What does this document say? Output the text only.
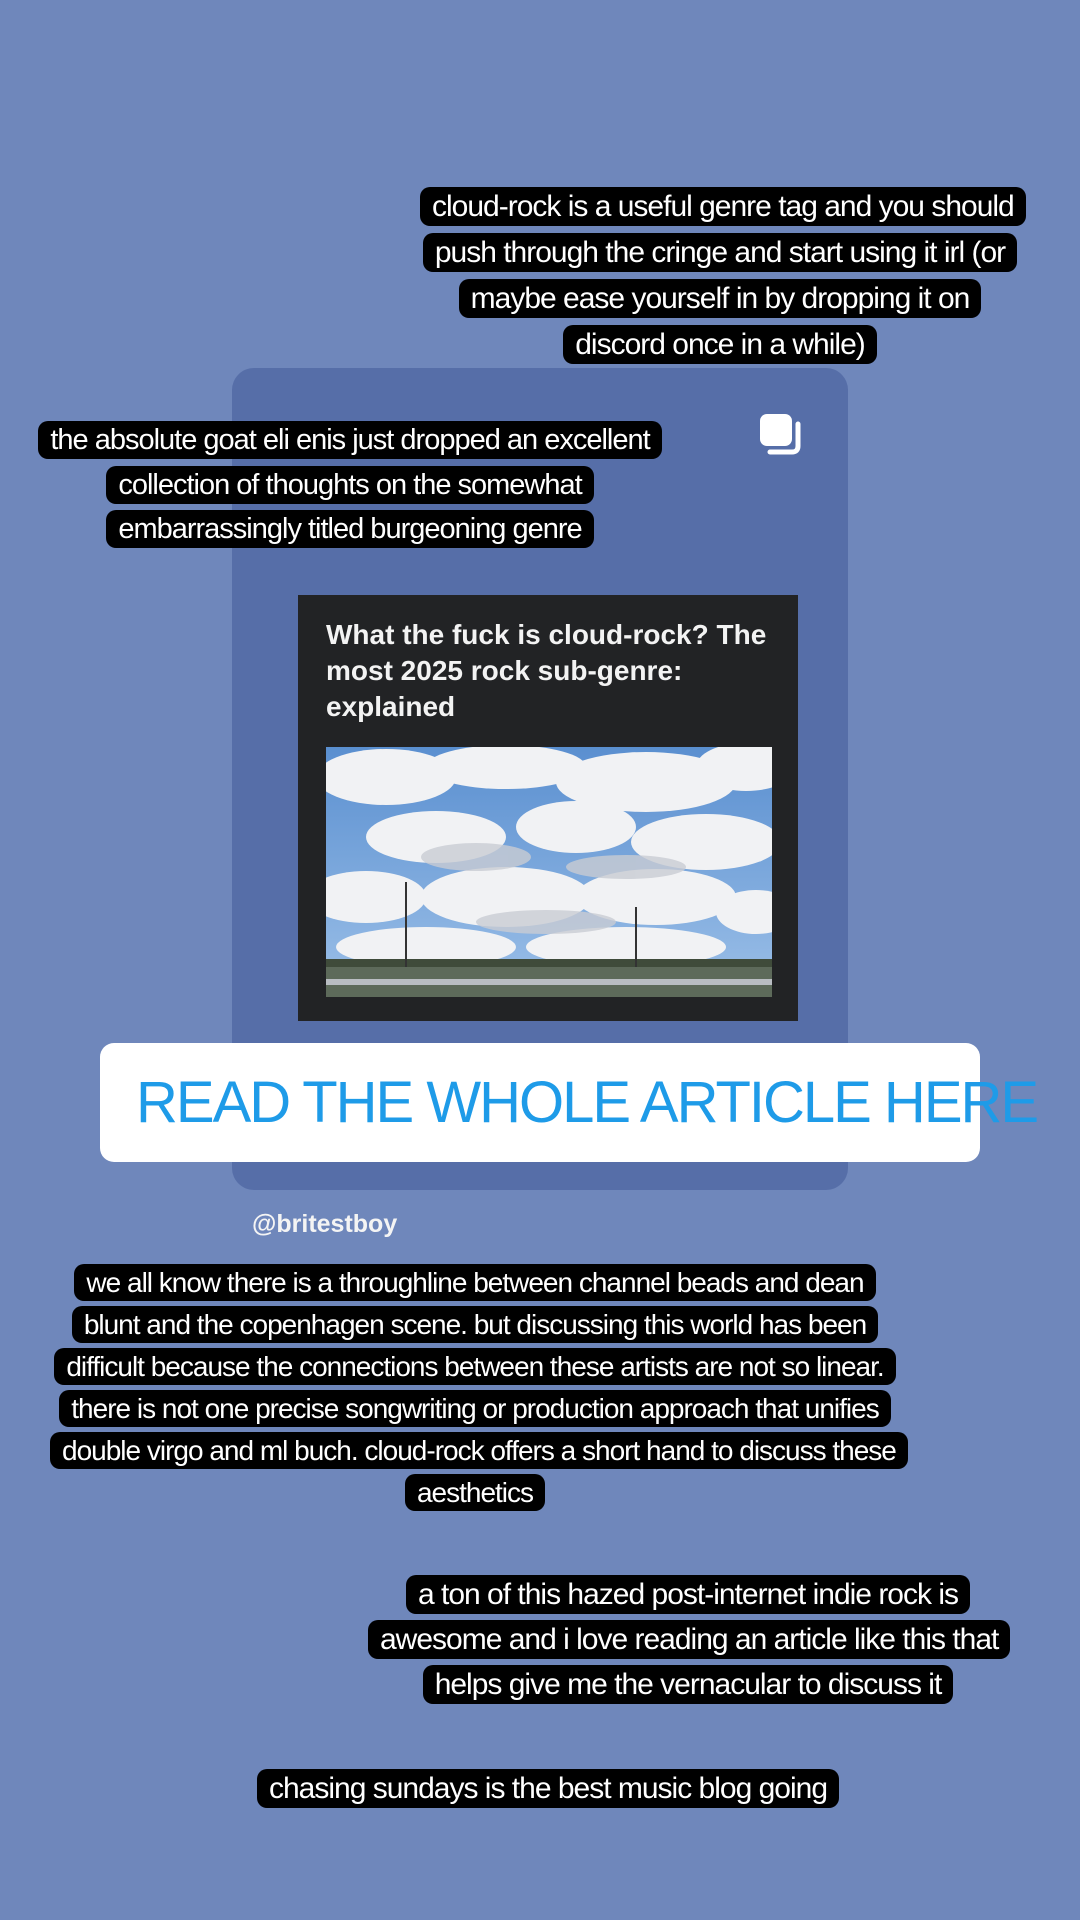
What the fuck is cloud-rock? The most 2025 rock sub-genre: explained
cloud-rock is a useful genre tag and you should push through the cringe and start using it irl (or maybe ease yourself in by dropping it on discord once in a while)
the absolute goat eli enis just dropped an excellent collection of thoughts on the somewhat embarrassingly titled burgeoning genre
READ THE WHOLE ARTICLE HERE
@britestboy
we all know there is a throughline between channel beads and dean blunt and the copenhagen scene. but discussing this world has been difficult because the connections between these artists are not so linear. there is not one precise songwriting or production approach that unifies double virgo and ml buch. cloud-rock offers a short hand to discuss these aesthetics
a ton of this hazed post-internet indie rock is awesome and i love reading an article like this that helps give me the vernacular to discuss it
chasing sundays is the best music blog going
